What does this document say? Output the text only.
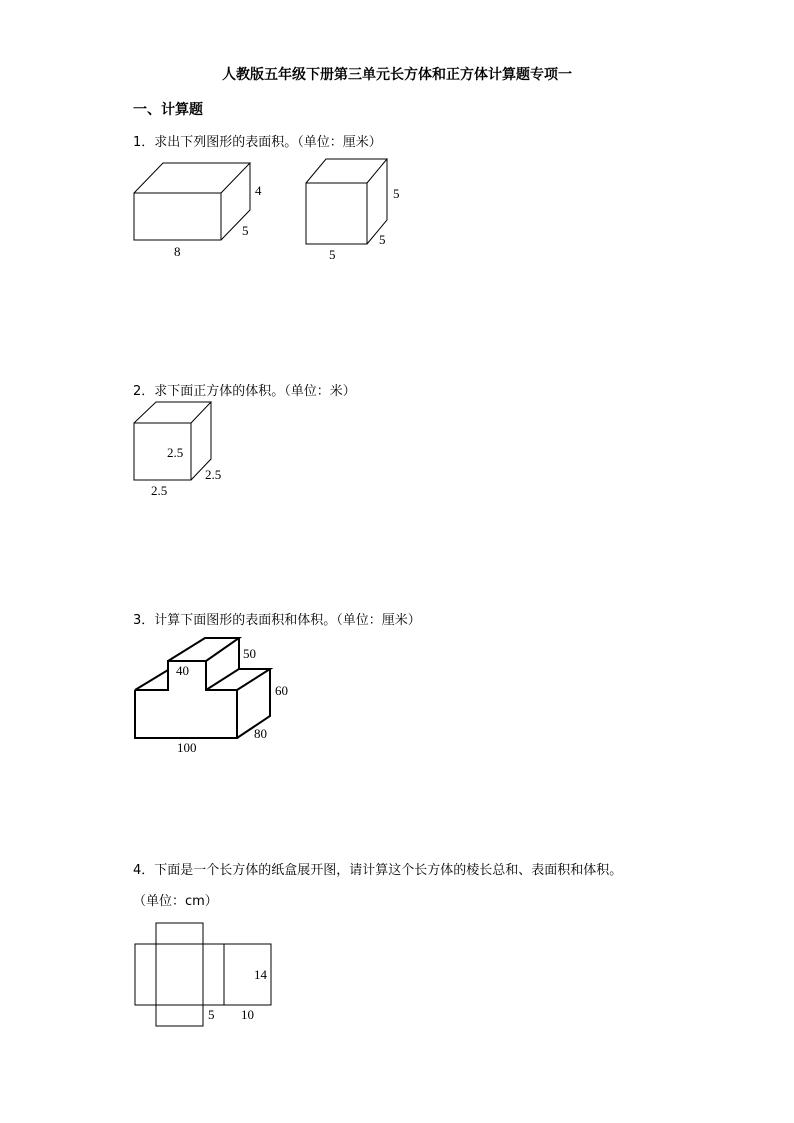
人教版五年级下册第三单元长方体和正方体计算题专项一
一、计算题
1．求出下列图形的表面积。（单位：厘米）
4
5
8
5
5
5
2．求下面正方体的体积。（单位：米）
2.5
2.5
2.5
3．计算下面图形的表面积和体积。（单位：厘米）
40
50
60
80
100
4．下面是一个长方体的纸盒展开图，请计算这个长方体的棱长总和、表面积和体积。
（单位：cm）
14
5 10
